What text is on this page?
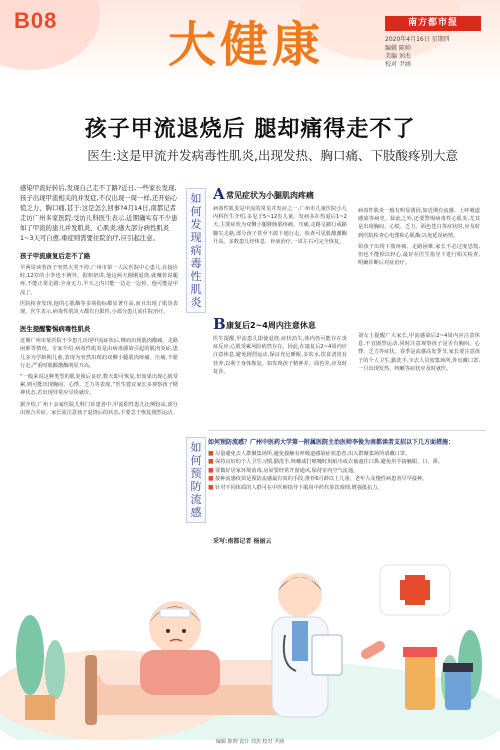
B08 大健康	南方都市报
2020年4月16日 星期四
编辑 陈帅
美编 刘杰
校对 尹涵
孩子甲流退烧后 腿却痛得走不了
医生:这是甲流并发病毒性肌炎,出现发热、胸口痛、下肢酸疼别大意
感染甲流好转后,发现自己走不了路?近日,一些家长发现,孩子出现甲流相关的并发症,不仅出现一周一样,还开始心慌乏力、胸口痛,甚于:这是怎么回事?4月14日,南都记者走访广州多家医院,受访儿科医生表示,近期确实有不少患如了甲流的患儿并发肌炎、心肌炎;感大部分病性肌炎1~3天可自愈,重症则需要住院治疗,应引起注意。
孩子甲流康复后走不了路
早两周读着孩子突然大哭不停,广州市第一人民医院中心患儿,在接诊时,12岁的小李也不例外。据奶奶讲,他这两天刚刚退烧,就嚷着说腿疼,不能正常走路,全身无力,半天之内只能一边走一边停。他可能是甲流了。
医院检查发现,他的心肌酶等多项指标都显著升高,而且出现了肌炎表现。医生表示,病毒性肌炎大都有自限性,小部分患儿需住院治疗。
医生提醒警惕病毒性肌炎
近期广州市某医院不少患儿出现甲流症状后,继而出现肌肉酸痛、走路困难等情况。专家介绍,病毒性肌炎是由病毒感染引起的肌肉炎症,患儿多为学龄期儿童,表现为突然出现的双侧小腿肌肉疼痛、压痛,不愿行走,严重时肌酸激酶明显升高。
“一般来说这种类型的肌炎预后良好,数天即可恢复,但如果出现心肌受累,则可能出现胸闷、心悸、乏力等表现。”医生建议家长多观察孩子精神状态,若出现异常应尽快就诊。
据介绍,广州十余家医院儿科门诊患者中,甲流阳性患儿比例较高,部分出现合并症。家长需注意孩子退烧后的状态,不要急于恢复剧烈运动。
如何发现病毒性肌炎
如何预防流感
A 常见症状为小腿肌肉疼痛
病毒性肌炎是甲流的常见并发症之一,广州市儿童医院小儿内科医生介绍,多见于5~12岁儿童。发病多在热退后1~2天,主要症状为双侧小腿腓肠肌疼痛、压痛,走路呈跛行或踮脚尖走路,部分孩子甚至不敢下地行走。检查可见肌酸激酶升高。多数患儿经休息、补液治疗,一周左右可完全恢复。
病毒性肌炎一般有明显诱因,如近期有流感、上呼吸道感染等病史。除此之外,还要警惕病毒性心肌炎,尤其是出现胸闷、心慌、乏力、面色苍白等症状时,应及时到医院检查心电图和心肌酶,以免延误病情。
如孩子出现下肢疼痛、走路困难,家长不必过度恐慌,但也不能掉以轻心,最好在医生指导下进行相关检查,明确诊断后对症治疗。
B 康复后2~4周内注意休息
医生提醒,甲流患儿即使退烧,症状消失,体内仍可能存在炎症反应,心肌受累风险依然存在。因此,在康复后2~4周内应注意休息,避免剧烈运动,保证充足睡眠,多饮水,饮食清淡有营养,以利于身体恢复。如发现孩子精神差、面色差,应及时复诊。
刘女士提醒广大家长,甲流感染后2~4周内应注意休息,不宜剧烈运动,同时注意观察孩子是否有胸闷、心悸、乏力等症状。春季是流感高发季节,家长要注意孩子的个人卫生,勤洗手,少去人员密集场所,外出戴口罩,一旦出现发热、咳嗽等症状应及时就医。
如何预防流感？广州中医药大学第一附属医院主治医师李俊为南都读者支招以下几方面措施：
■ 尽量避免去人群聚集场所,避免接触有呼吸道感染症状患者,出入群聚集场所请戴口罩。
■ 保持良好的个人卫生习惯,勤洗手,咳嗽或打喷嚏时用纸巾或衣袖遮住口鼻,避免用手接触眼、口、鼻。
■ 要做好居家环境消毒,房屋要经常开窗通风,保持室内空气流通。
■ 接种流感疫苗是预防流感最有效的手段,推荐6月龄以上儿童、老年人及慢性病患者尽早接种。
■ 针对不同体质的人群可在中医师指导下服用中药代茶饮调理,增强抵抗力。
采写:南都记者 杨丽云
编辑 陈帅 设计 刘杰 校对 尹涵
